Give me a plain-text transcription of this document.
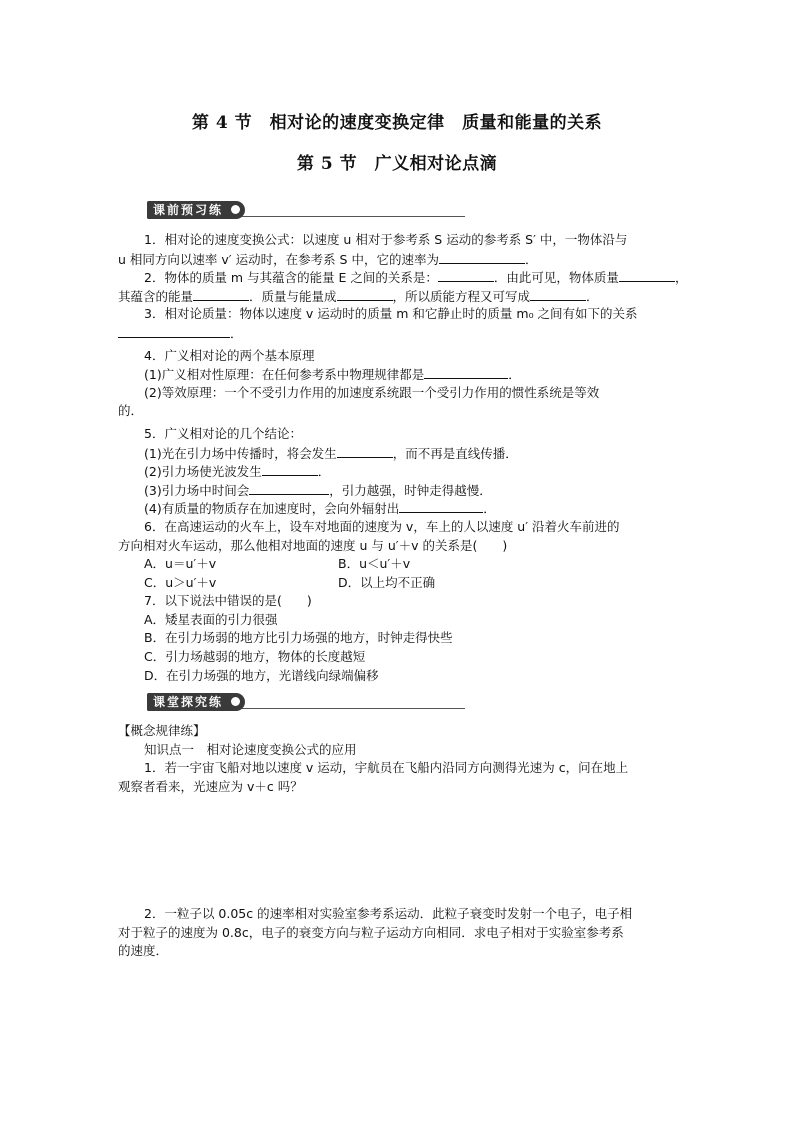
第 4 节　相对论的速度变换定律　质量和能量的关系
第 5 节　广义相对论点滴
课前预习练
1．相对论的速度变换公式：以速度 u 相对于参考系 S 运动的参考系 S′ 中，一物体沿与
u 相同方向以速率 v′ 运动时，在参考系 S 中，它的速率为	．
2．物体的质量 m 与其蕴含的能量 E 之间的关系是：	．由此可见，物体质量	，
其蕴含的能量	．质量与能量成	，所以质能方程又可写成	．
3．相对论质量：物体以速度 v 运动时的质量 m 和它静止时的质量 m₀ 之间有如下的关系
．
4．广义相对论的两个基本原理
(1)广义相对性原理：在任何参考系中物理规律都是	．
(2)等效原理：一个不受引力作用的加速度系统跟一个受引力作用的惯性系统是等效
的．
5．广义相对论的几个结论：
(1)光在引力场中传播时，将会发生	，而不再是直线传播．
(2)引力场使光波发生	．
(3)引力场中时间会	，引力越强，时钟走得越慢．
(4)有质量的物质存在加速度时，会向外辐射出	．
6．在高速运动的火车上，设车对地面的速度为 v，车上的人以速度 u′ 沿着火车前进的
方向相对火车运动，那么他相对地面的速度 u 与 u′＋v 的关系是(　　)
A．u＝u′＋v	B．u＜u′＋v
C．u＞u′＋v	D．以上均不正确
7．以下说法中错误的是(　　)
A．矮星表面的引力很强
B．在引力场弱的地方比引力场强的地方，时钟走得快些
C．引力场越弱的地方，物体的长度越短
D．在引力场强的地方，光谱线向绿端偏移
课堂探究练
【概念规律练】
知识点一　相对论速度变换公式的应用
1．若一宇宙飞船对地以速度 v 运动，宇航员在飞船内沿同方向测得光速为 c，问在地上
观察者看来，光速应为 v＋c 吗？
2．一粒子以 0.05c 的速率相对实验室参考系运动．此粒子衰变时发射一个电子，电子相
对于粒子的速度为 0.8c，电子的衰变方向与粒子运动方向相同．求电子相对于实验室参考系
的速度．
